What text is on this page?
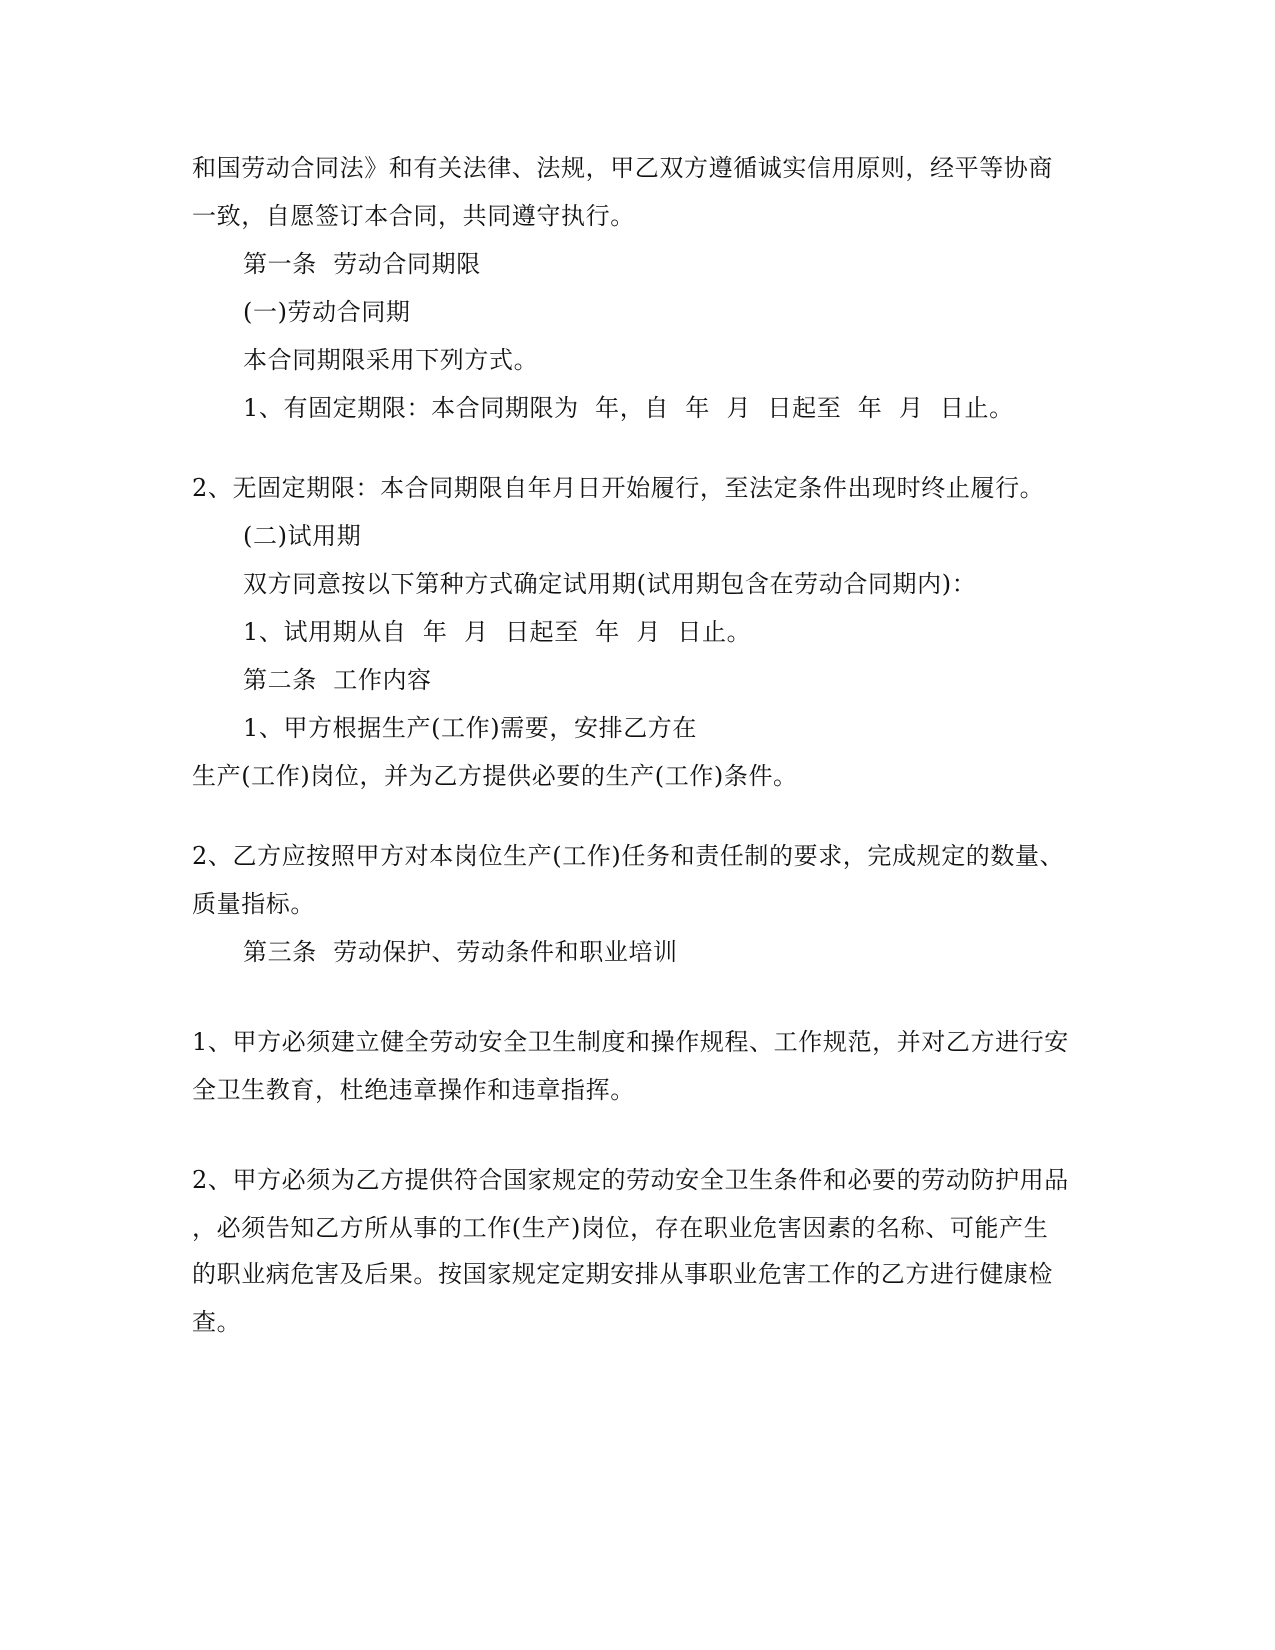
和国劳动合同法》和有关法律、法规，甲乙双方遵循诚实信用原则，经平等协商
一致，自愿签订本合同，共同遵守执行。
第一条  劳动合同期限
(一)劳动合同期
本合同期限采用下列方式。
1、有固定期限：本合同期限为  年，自  年  月  日起至  年  月  日止。
2、无固定期限：本合同期限自年月日开始履行，至法定条件出现时终止履行。
(二)试用期
双方同意按以下第种方式确定试用期(试用期包含在劳动合同期内)：
1、试用期从自  年  月  日起至  年  月  日止。
第二条  工作内容
1、甲方根据生产(工作)需要，安排乙方在
生产(工作)岗位，并为乙方提供必要的生产(工作)条件。
2、乙方应按照甲方对本岗位生产(工作)任务和责任制的要求，完成规定的数量、
质量指标。
第三条  劳动保护、劳动条件和职业培训
1、甲方必须建立健全劳动安全卫生制度和操作规程、工作规范，并对乙方进行安
全卫生教育，杜绝违章操作和违章指挥。
2、甲方必须为乙方提供符合国家规定的劳动安全卫生条件和必要的劳动防护用品
，必须告知乙方所从事的工作(生产)岗位，存在职业危害因素的名称、可能产生
的职业病危害及后果。按国家规定定期安排从事职业危害工作的乙方进行健康检
查。
